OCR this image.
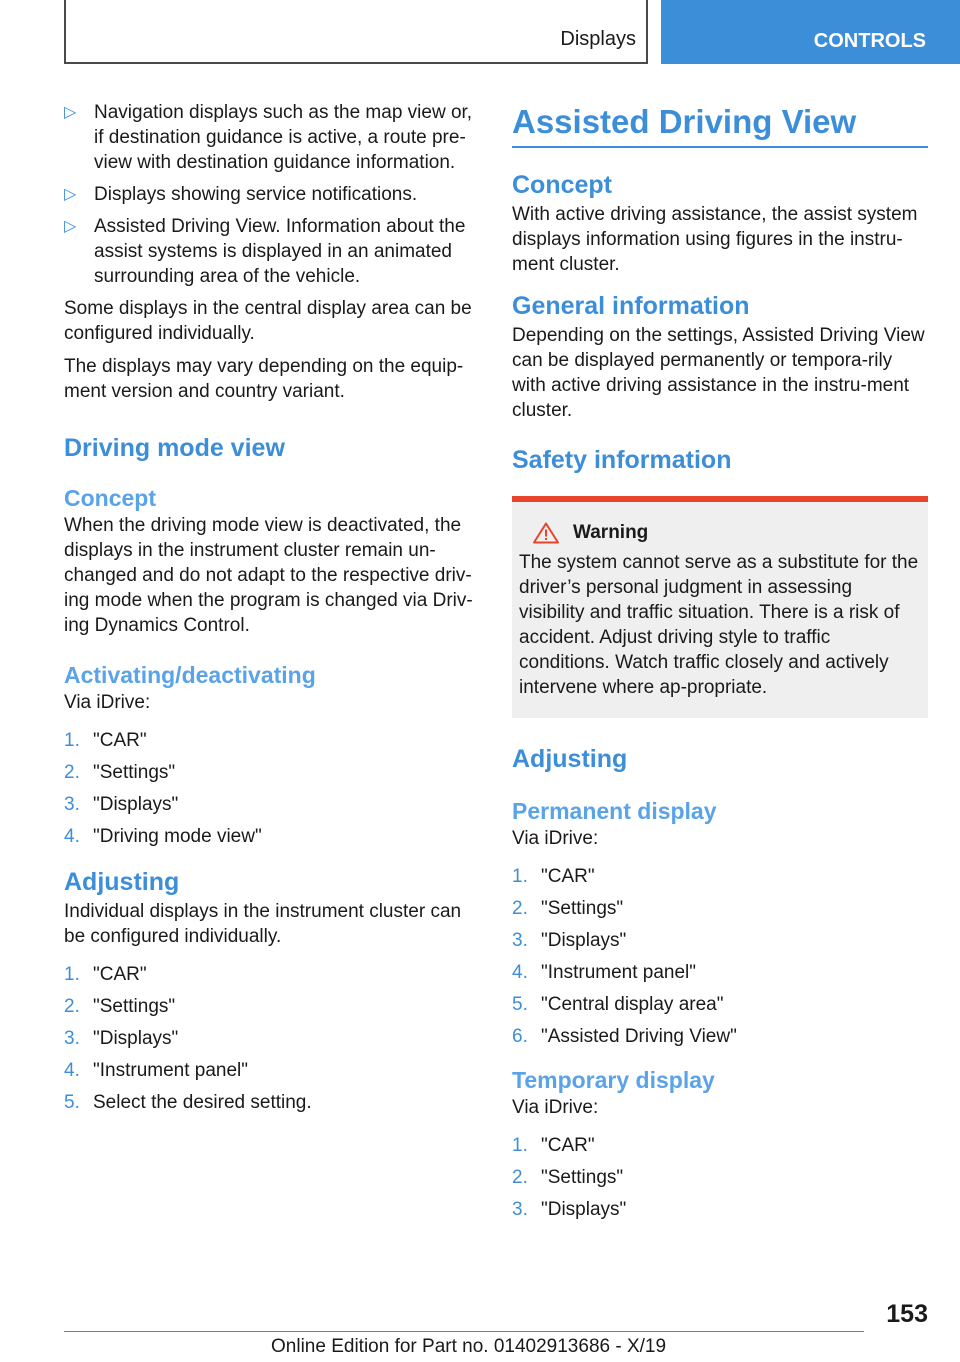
Displays	CONTROLS
▷ Navigation displays such as the map view or, if destination guidance is active, a route pre-view with destination guidance information.
▷ Displays showing service notifications.
▷ Assisted Driving View. Information about the assist systems is displayed in an animated surrounding area of the vehicle.

Some displays in the central display area can be configured individually.

The displays may vary depending on the equip-ment version and country variant.

Driving mode view
Concept

When the driving mode view is deactivated, the displays in the instrument cluster remain un-changed and do not adapt to the respective driv-ing mode when the program is changed via Driv-ing Dynamics Control.

Activating/deactivating

Via iDrive:

1. "CAR"
2. "Settings"
3. "Displays"
4. "Driving mode view"
Adjusting

Individual displays in the instrument cluster can be configured individually.

1. "CAR"
2. "Settings"
3. "Displays"
4. "Instrument panel"
5. Select the desired setting.
Assisted Driving View
Concept

With active driving assistance, the assist system displays information using figures in the instru-ment cluster.

General information

Depending on the settings, Assisted Driving View can be displayed permanently or tempora-rily with active driving assistance in the instru-ment cluster.

Safety information
Warning

The system cannot serve as a substitute for the driver’s personal judgment in assessing visibility and traffic situation. There is a risk of accident. Adjust driving style to traffic conditions. Watch traffic closely and actively intervene where ap-propriate.

Adjusting
Permanent display

Via iDrive:

1. "CAR"
2. "Settings"
3. "Displays"
4. "Instrument panel"
5. "Central display area"
6. "Assisted Driving View"
Temporary display

Via iDrive:

1. "CAR"
2. "Settings"
3. "Displays"
153
Online Edition for Part no. 01402913686 - X/19
